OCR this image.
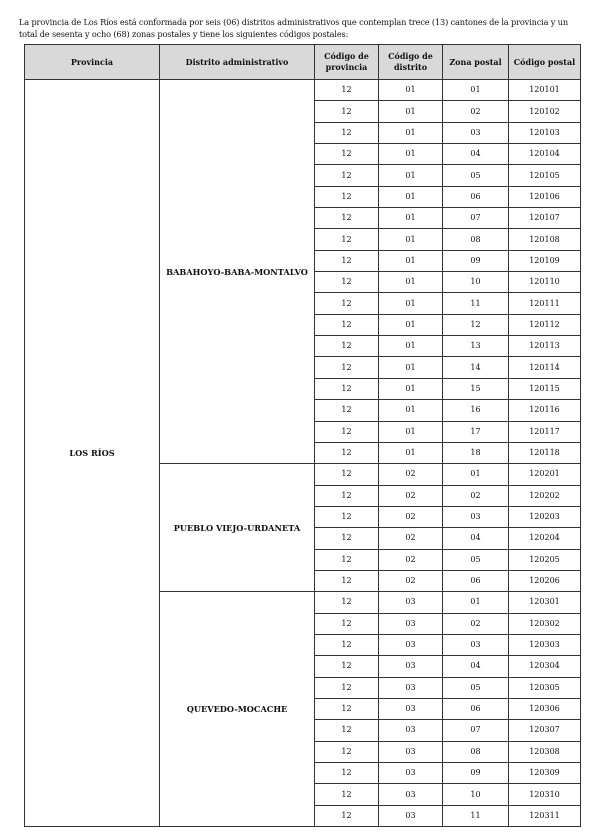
La provincia de Los Ríos está conformada por seis (06) distritos administrativos que contemplan trece (13) cantones de la provincia y un total de sesenta y ocho (68) zonas postales y tiene los siguientes códigos postales:

Provincia	Distrito administrativo	Código de provincia	Código de distrito	Zona postal	Código postal
LOS RÍOS	BABAHOYO-BABA-MONTALVO	12	01	01	120101
		12	01	02	120102
		12	01	03	120103
		12	01	04	120104
		12	01	05	120105
		12	01	06	120106
		12	01	07	120107
		12	01	08	120108
		12	01	09	120109
		12	01	10	120110
		12	01	11	120111
		12	01	12	120112
		12	01	13	120113
		12	01	14	120114
		12	01	15	120115
		12	01	16	120116
		12	01	17	120117
		12	01	18	120118
	PUEBLO VIEJO-URDANETA	12	02	01	120201
		12	02	02	120202
		12	02	03	120203
		12	02	04	120204
		12	02	05	120205
		12	02	06	120206
	QUEVEDO-MOCACHE	12	03	01	120301
		12	03	02	120302
		12	03	03	120303
		12	03	04	120304
		12	03	05	120305
		12	03	06	120306
		12	03	07	120307
		12	03	08	120308
		12	03	09	120309
		12	03	10	120310
		12	03	11	120311
